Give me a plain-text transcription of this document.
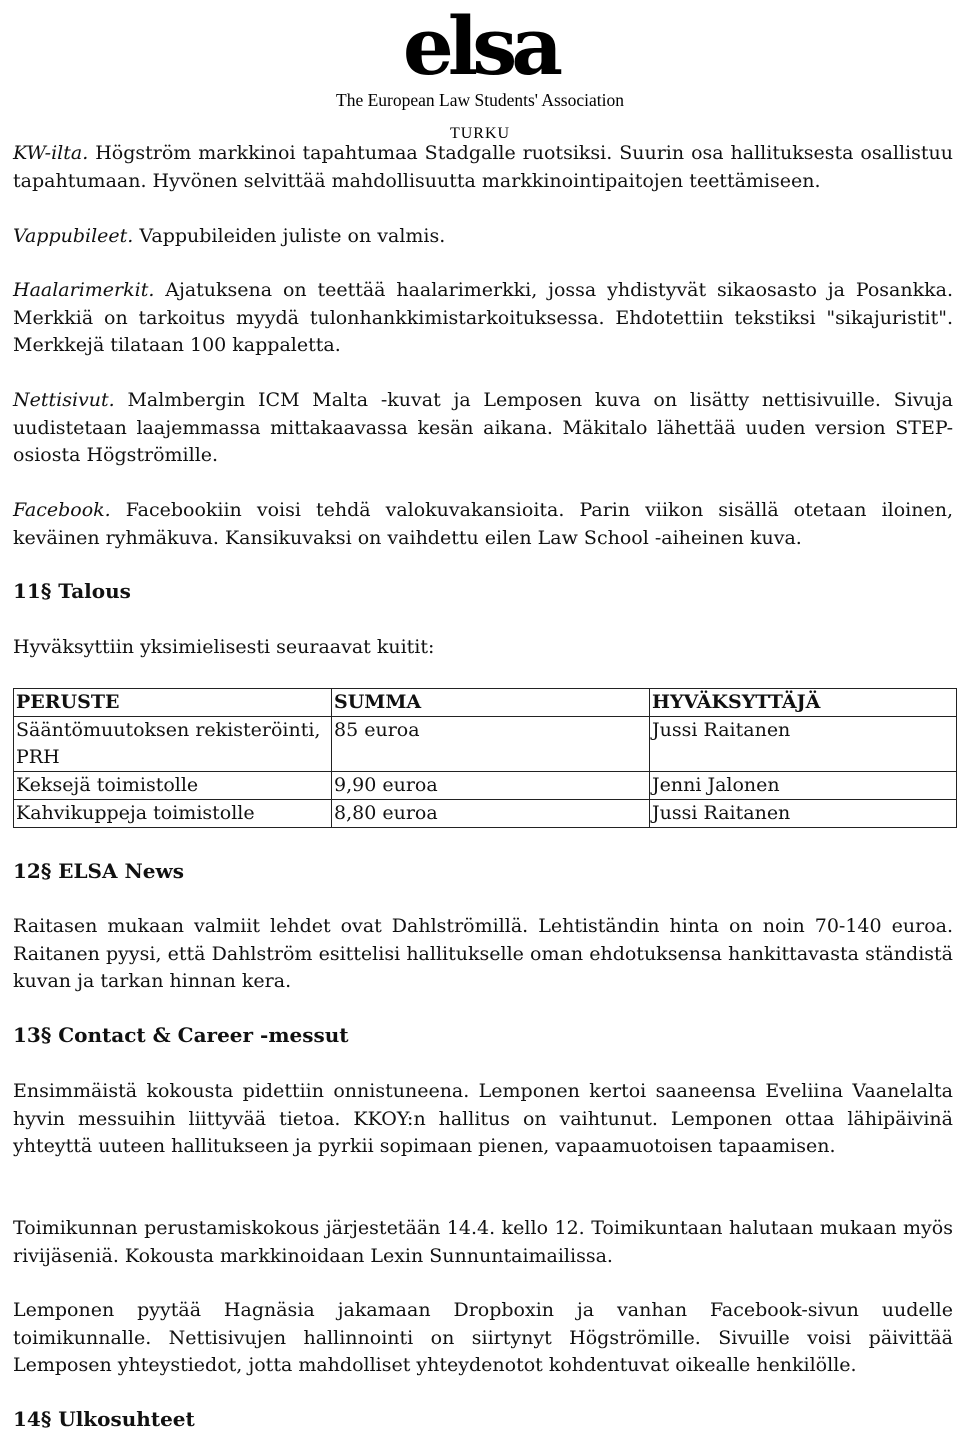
elsa
The European Law Students' Association
TURKU

KW-ilta. Högström markkinoi tapahtumaa Stadgalle ruotsiksi. Suurin osa hallituksesta osallistuu tapahtumaan. Hyvönen selvittää mahdollisuutta markkinointipaitojen teettämiseen.

Vappubileet. Vappubileiden juliste on valmis.

Haalarimerkit. Ajatuksena on teettää haalarimerkki, jossa yhdistyvät sikaosasto ja Posankka. Merkkiä on tarkoitus myydä tulonhankkimistarkoituksessa. Ehdotettiin tekstiksi "sikajuristit". Merkkejä tilataan 100 kappaletta.

Nettisivut. Malmbergin ICM Malta -kuvat ja Lemposen kuva on lisätty nettisivuille. Sivuja uudistetaan laajemmassa mittakaavassa kesän aikana. Mäkitalo lähettää uuden version STEP-osiosta Högströmille.

Facebook. Facebookiin voisi tehdä valokuvakansioita. Parin viikon sisällä otetaan iloinen, keväinen ryhmäkuva. Kansikuvaksi on vaihdettu eilen Law School -aiheinen kuva.

11§ Talous

Hyväksyttiin yksimielisesti seuraavat kuitit:

PERUSTE	SUMMA	HYVÄKSYTTÄJÄ
Sääntömuutoksen rekisteröinti, PRH	85 euroa	Jussi Raitanen
Keksejä toimistolle	9,90 euroa	Jenni Jalonen
Kahvikuppeja toimistolle	8,80 euroa	Jussi Raitanen
12§ ELSA News

Raitasen mukaan valmiit lehdet ovat Dahlströmillä. Lehtiständin hinta on noin 70-140 euroa. Raitanen pyysi, että Dahlström esittelisi hallitukselle oman ehdotuksensa hankittavasta ständistä kuvan ja tarkan hinnan kera.

13§ Contact & Career -messut

Ensimmäistä kokousta pidettiin onnistuneena. Lemponen kertoi saaneensa Eveliina Vaanelalta hyvin messuihin liittyvää tietoa. KKOY:n hallitus on vaihtunut. Lemponen ottaa lähipäivinä yhteyttä uuteen hallitukseen ja pyrkii sopimaan pienen, vapaamuotoisen tapaamisen.

Toimikunnan perustamiskokous järjestetään 14.4. kello 12. Toimikuntaan halutaan mukaan myös rivijäseniä. Kokousta markkinoidaan Lexin Sunnuntaimailissa.

Lemponen pyytää Hagnäsia jakamaan Dropboxin ja vanhan Facebook-sivun uudelle toimikunnalle. Nettisivujen hallinnointi on siirtynyt Högströmille. Sivuille voisi päivittää Lemposen yhteystiedot, jotta mahdolliset yhteydenotot kohdentuvat oikealle henkilölle.

14§ Ulkosuhteet
